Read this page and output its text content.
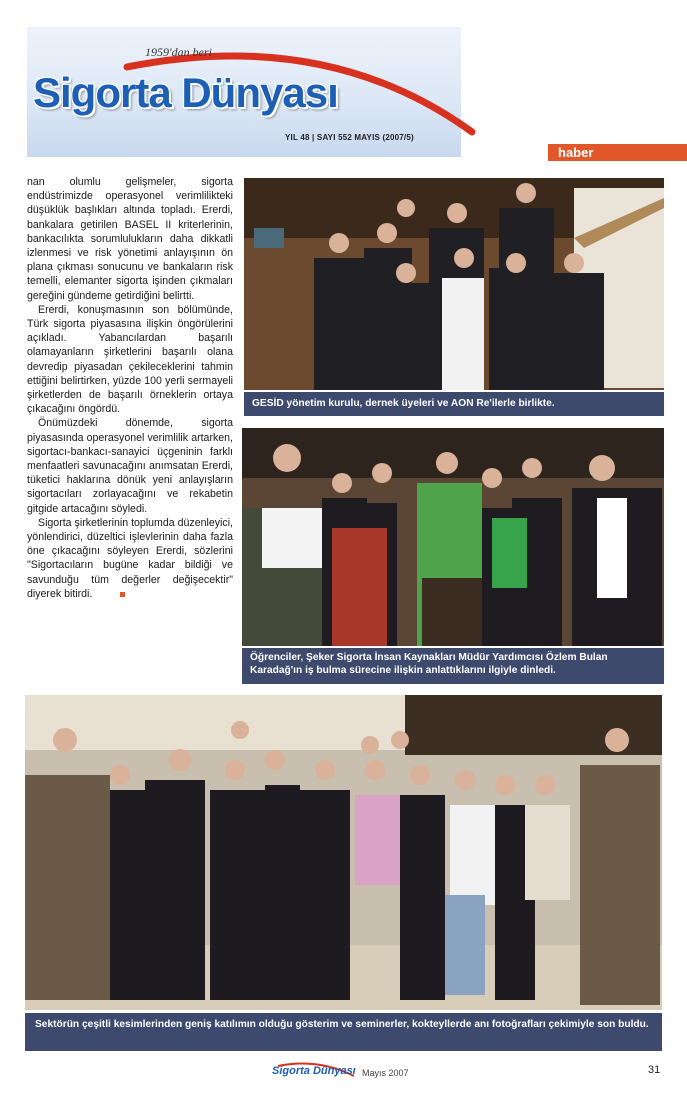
1959'dan beri
Sigorta Dünyası
YIL 48 | SAYI 552 MAYIS (2007/5)
haber

nan olumlu gelişmeler, sigorta endüstrimizde operasyonel verimlilikteki düşüklük başlıkları altında topladı. Ererdi, bankalara getirilen BASEL II kriterlerinin, bankacılıkta sorumlulukların daha dikkatli izlenmesi ve risk yönetimi anlayışının ön plana çıkması sonucunu ve bankaların risk temelli, elemanter sigorta işinden çıkmaları gereğini gündeme getirdiğini belirtti.

Ererdi, konuşmasının son bölümünde, Türk sigorta piyasasına ilişkin öngörülerini açıkladı. Yabancılardan başarılı olamayanların şirketlerini başarılı olana devredip piyasadan çekileceklerini tahmin ettiğini belirtirken, yüzde 100 yerli sermayeli şirketlerden de başarılı örneklerin ortaya çıkacağını öngördü.

Önümüzdeki dönemde, sigorta piyasasında operasyonel verimlilik artarken, sigortacı-bankacı-sanayici üçgeninin farklı menfaatleri savunacağını anımsatan Ererdi, tüketici haklarına dönük yeni anlayışların sigortacıları zorlayacağını ve rekabetin gitgide artacağını söyledi.

Sigorta şirketlerinin toplumda düzenleyici, yönlendirici, düzeltici işlevlerinin daha fazla öne çıkacağını söyleyen Ererdi, sözlerini "Sigortacıların bugüne kadar bildiği ve savunduğu tüm değerler değişecektir" diyerek bitirdi.

GESİD yönetim kurulu, dernek üyeleri ve AON Re'ilerle birlikte.
Öğrenciler, Şeker Sigorta İnsan Kaynakları Müdür Yardımcısı Özlem Bulan Karadağ'ın iş bulma sürecine ilişkin anlattıklarını ilgiyle dinledi.
Sektörün çeşitli kesimlerinden geniş katılımın olduğu gösterim ve seminerler, kokteyllerde anı fotoğrafları çekimiyle son buldu.
Sigorta Dünyası Mayıs 2007	31
